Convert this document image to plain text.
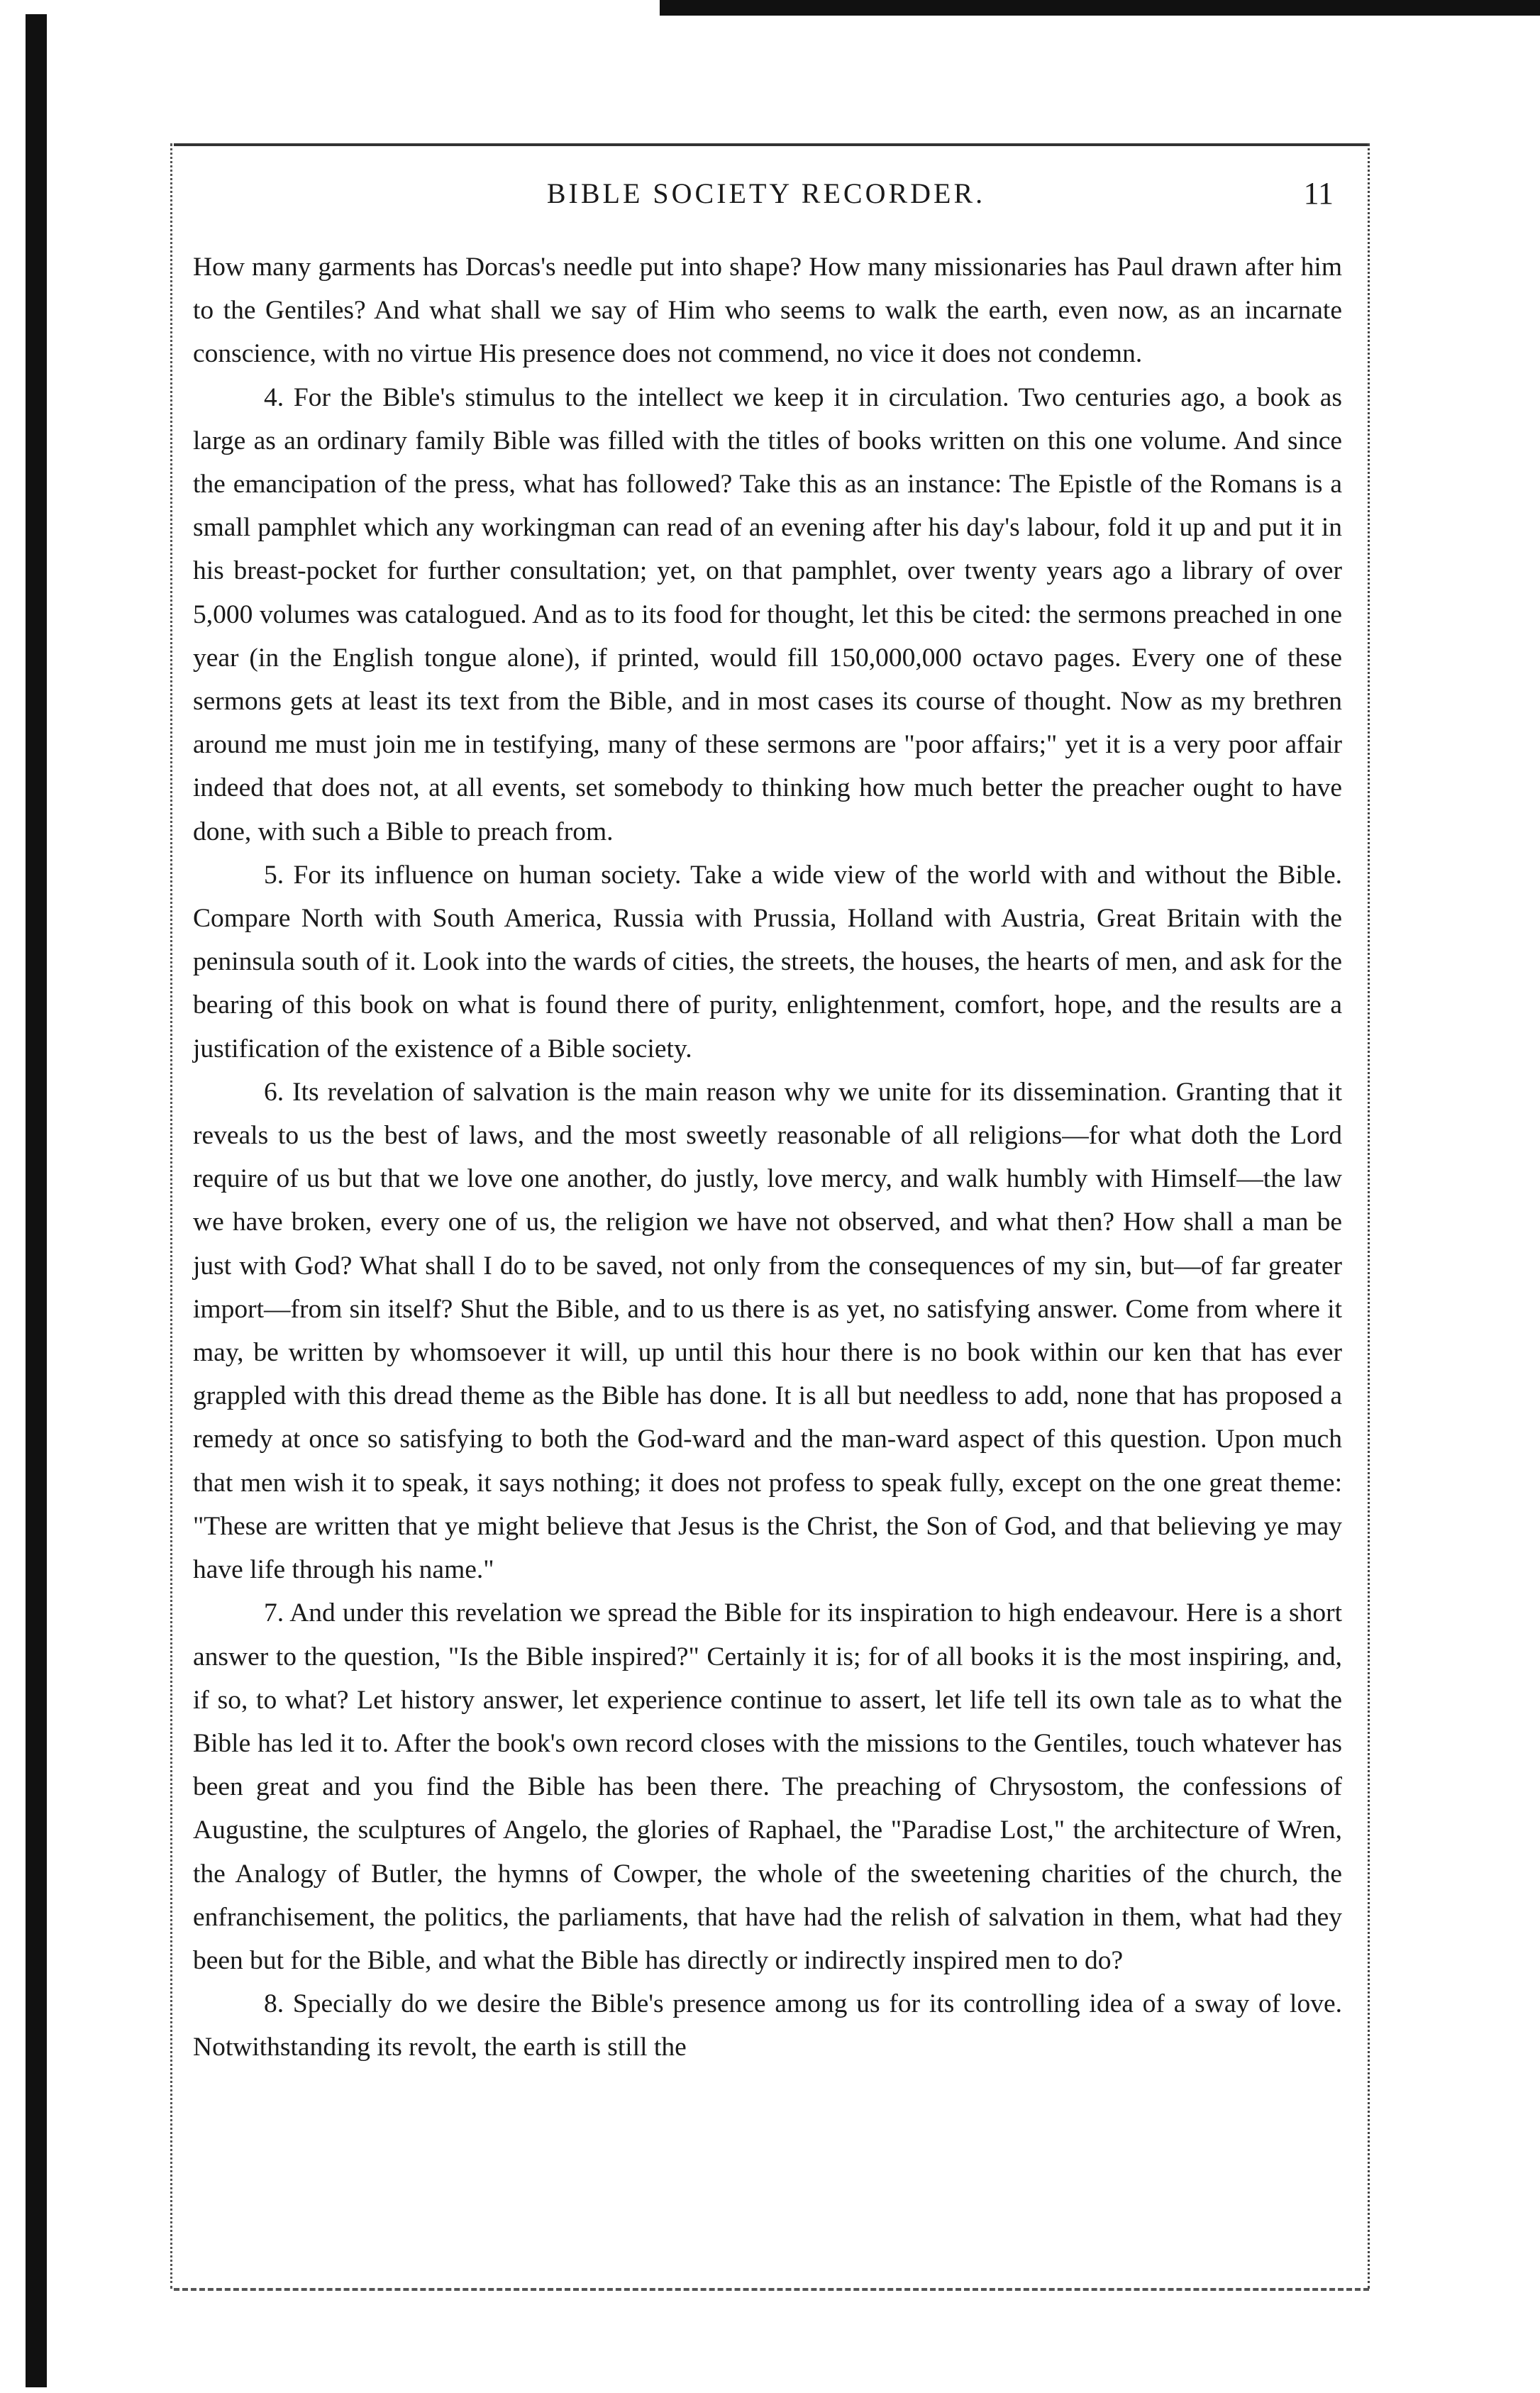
BIBLE SOCIETY RECORDER.	11

How many garments has Dorcas's needle put into shape? How many missionaries has Paul drawn after him to the Gentiles? And what shall we say of Him who seems to walk the earth, even now, as an incarnate conscience, with no virtue His presence does not commend, no vice it does not condemn.

4. For the Bible's stimulus to the intellect we keep it in circulation. Two centuries ago, a book as large as an ordinary family Bible was filled with the titles of books written on this one volume. And since the emancipation of the press, what has followed? Take this as an instance: The Epistle of the Romans is a small pamphlet which any workingman can read of an evening after his day's labour, fold it up and put it in his breast-pocket for further consultation; yet, on that pamphlet, over twenty years ago a library of over 5,000 volumes was catalogued. And as to its food for thought, let this be cited: the sermons preached in one year (in the English tongue alone), if printed, would fill 150,000,000 octavo pages. Every one of these sermons gets at least its text from the Bible, and in most cases its course of thought. Now as my brethren around me must join me in testifying, many of these sermons are "poor affairs;" yet it is a very poor affair indeed that does not, at all events, set somebody to thinking how much better the preacher ought to have done, with such a Bible to preach from.

5. For its influence on human society. Take a wide view of the world with and without the Bible. Compare North with South America, Russia with Prussia, Holland with Austria, Great Britain with the peninsula south of it. Look into the wards of cities, the streets, the houses, the hearts of men, and ask for the bearing of this book on what is found there of purity, enlightenment, comfort, hope, and the results are a justification of the existence of a Bible society.

6. Its revelation of salvation is the main reason why we unite for its dissemination. Granting that it reveals to us the best of laws, and the most sweetly reasonable of all religions—for what doth the Lord require of us but that we love one another, do justly, love mercy, and walk humbly with Himself—the law we have broken, every one of us, the religion we have not observed, and what then? How shall a man be just with God? What shall I do to be saved, not only from the consequences of my sin, but—of far greater import—from sin itself? Shut the Bible, and to us there is as yet, no satisfying answer. Come from where it may, be written by whomsoever it will, up until this hour there is no book within our ken that has ever grappled with this dread theme as the Bible has done. It is all but needless to add, none that has proposed a remedy at once so satisfying to both the God-ward and the man-ward aspect of this question. Upon much that men wish it to speak, it says nothing; it does not profess to speak fully, except on the one great theme: "These are written that ye might believe that Jesus is the Christ, the Son of God, and that believing ye may have life through his name."

7. And under this revelation we spread the Bible for its inspiration to high endeavour. Here is a short answer to the question, "Is the Bible inspired?" Certainly it is; for of all books it is the most inspiring, and, if so, to what? Let history answer, let experience continue to assert, let life tell its own tale as to what the Bible has led it to. After the book's own record closes with the missions to the Gentiles, touch whatever has been great and you find the Bible has been there. The preaching of Chrysostom, the confessions of Augustine, the sculptures of Angelo, the glories of Raphael, the "Paradise Lost," the architecture of Wren, the Analogy of Butler, the hymns of Cowper, the whole of the sweetening charities of the church, the enfranchisement, the politics, the parliaments, that have had the relish of salvation in them, what had they been but for the Bible, and what the Bible has directly or indirectly inspired men to do?

8. Specially do we desire the Bible's presence among us for its controlling idea of a sway of love. Notwithstanding its revolt, the earth is still the
